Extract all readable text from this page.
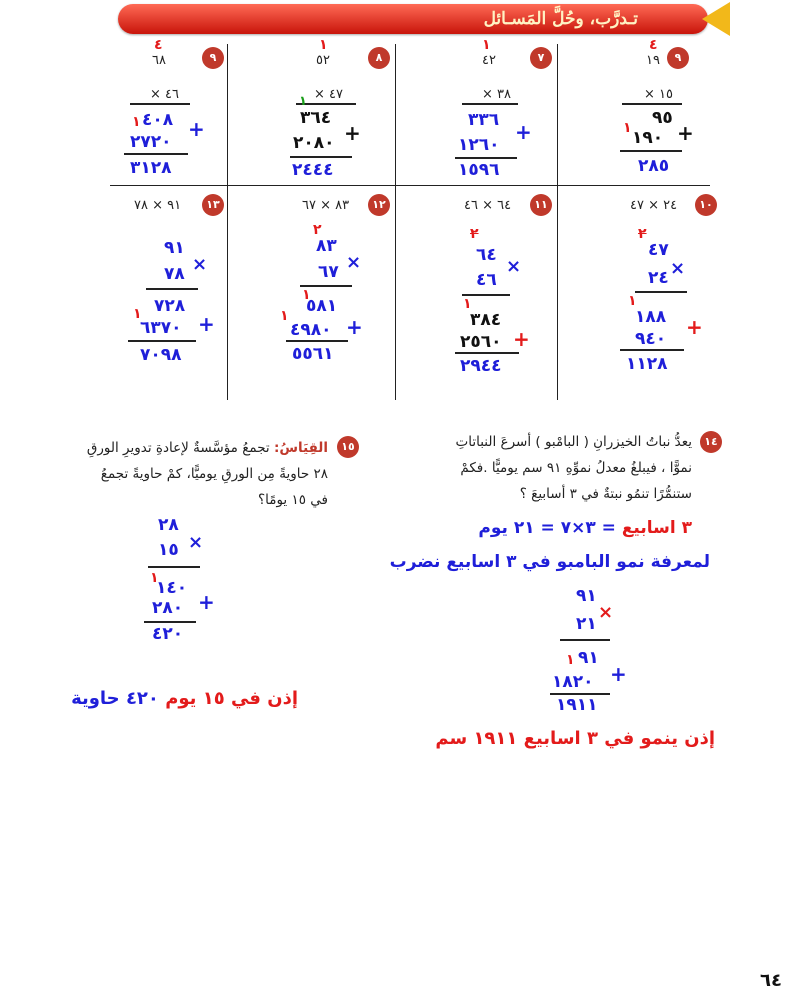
تـدرَّب، وحُلَّ المَسـائل
٩
٤
١٩
١٥ ×
٩٥
١ ١٩٠ +
٢٨٥
٧
١
٤٢
٣٨ ×
٣٣٦
١٢٦٠
+
١٥٩٦
٨
١
٥٢
٤٧ ×
١
٣٦٤
٢٠٨٠ +
٢٤٤٤
٩
٤
٦٨
٤٦ ×
١ ٤٠٨
٢٧٢٠
+
٣١٢٨
١٠
٢٤ × ٤٧
٢
٤٧
٢٤ ×
١
١٨٨
٩٤٠ +
١١٢٨
١١
٦٤ × ٤٦
٢
٦٤
٤٦
×
١
٣٨٤
٢٥٦٠ +
٢٩٤٤
١٢
٨٣ × ٦٧
٢
٨٣
٦٧ ×
١
٥٨١
١
٤٩٨٠ +
٥٥٦١
١٣
٩١ × ٧٨
٩١
٧٨ ×
٧٢٨
١
٦٣٧٠ +
٧٠٩٨
١٤
يعدُّ نباتُ الخيزرانِ ( البامْبو ) أسرعَ النباتاتِ
نموًّا ، فيبلغُ معدلُ نموِّهِ ٩١ سم يوميًّا .فكمْ
ستنمُّرًا تنمُو نبتةٌ في ٣ أسابيعَ ؟
٣ اسابيع = ٣×٧ = ٢١ يوم
لمعرفة نمو البامبو في ٣ اسابيع نضرب
٩١
٢١
×
١ ٩١
١٨٢٠ +
١٩١١
إذن ينمو في ٣ اسابيع ١٩١١ سم
١٥
القِيَاسُ: تجمعُ مؤسَّسةٌ لإعادةِ تدويرِ الورقِ
٢٨ حاويةً مِن الورقِ يوميًّا، كمْ حاويةً تجمعُ
في ١٥ يومًا؟
٢٨
١٥ ×
١
١٤٠
٢٨٠ +
٤٢٠
إذن في ١٥ يوم ٤٢٠ حاوية
٦٤
